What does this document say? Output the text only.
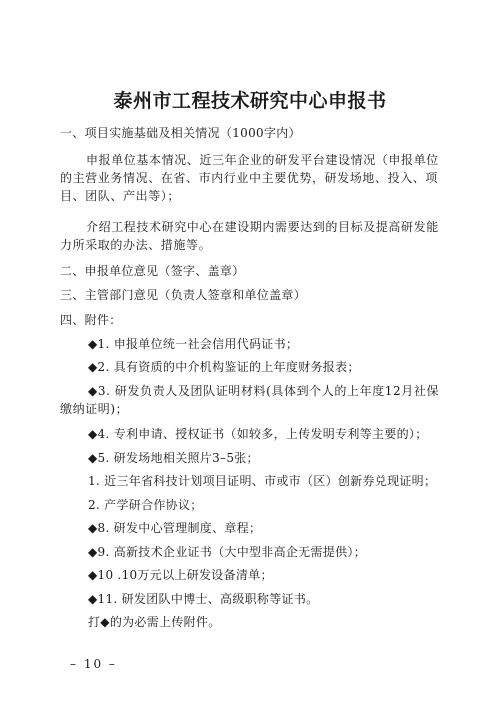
泰州市工程技术研究中心申报书
一、项目实施基础及相关情况（1000字内）
申报单位基本情况、近三年企业的研发平台建设情况（申报单位的主营业务情况、在省、市内行业中主要优势，研发场地、投入、项目、团队、产出等）；
介绍工程技术研究中心在建设期内需要达到的目标及提高研发能力所采取的办法、措施等。
二、申报单位意见（签字、盖章）
三、主管部门意见（负责人签章和单位盖章）
四、附件：
◆1. 申报单位统一社会信用代码证书；
◆2. 具有资质的中介机构鉴证的上年度财务报表；
◆3. 研发负责人及团队证明材料(具体到个人的上年度12月社保缴纳证明)；
◆4. 专利申请、授权证书（如较多，上传发明专利等主要的）；
◆5. 研发场地相关照片3–5张；
1. 近三年省科技计划项目证明、市或市（区）创新券兑现证明；
2. 产学研合作协议；
◆8. 研发中心管理制度、章程；
◆9. 高新技术企业证书（大中型非高企无需提供）；
◆10 .10万元以上研发设备清单；
◆11. 研发团队中博士、高级职称等证书。
打◆的为必需上传附件。
– 10 –
